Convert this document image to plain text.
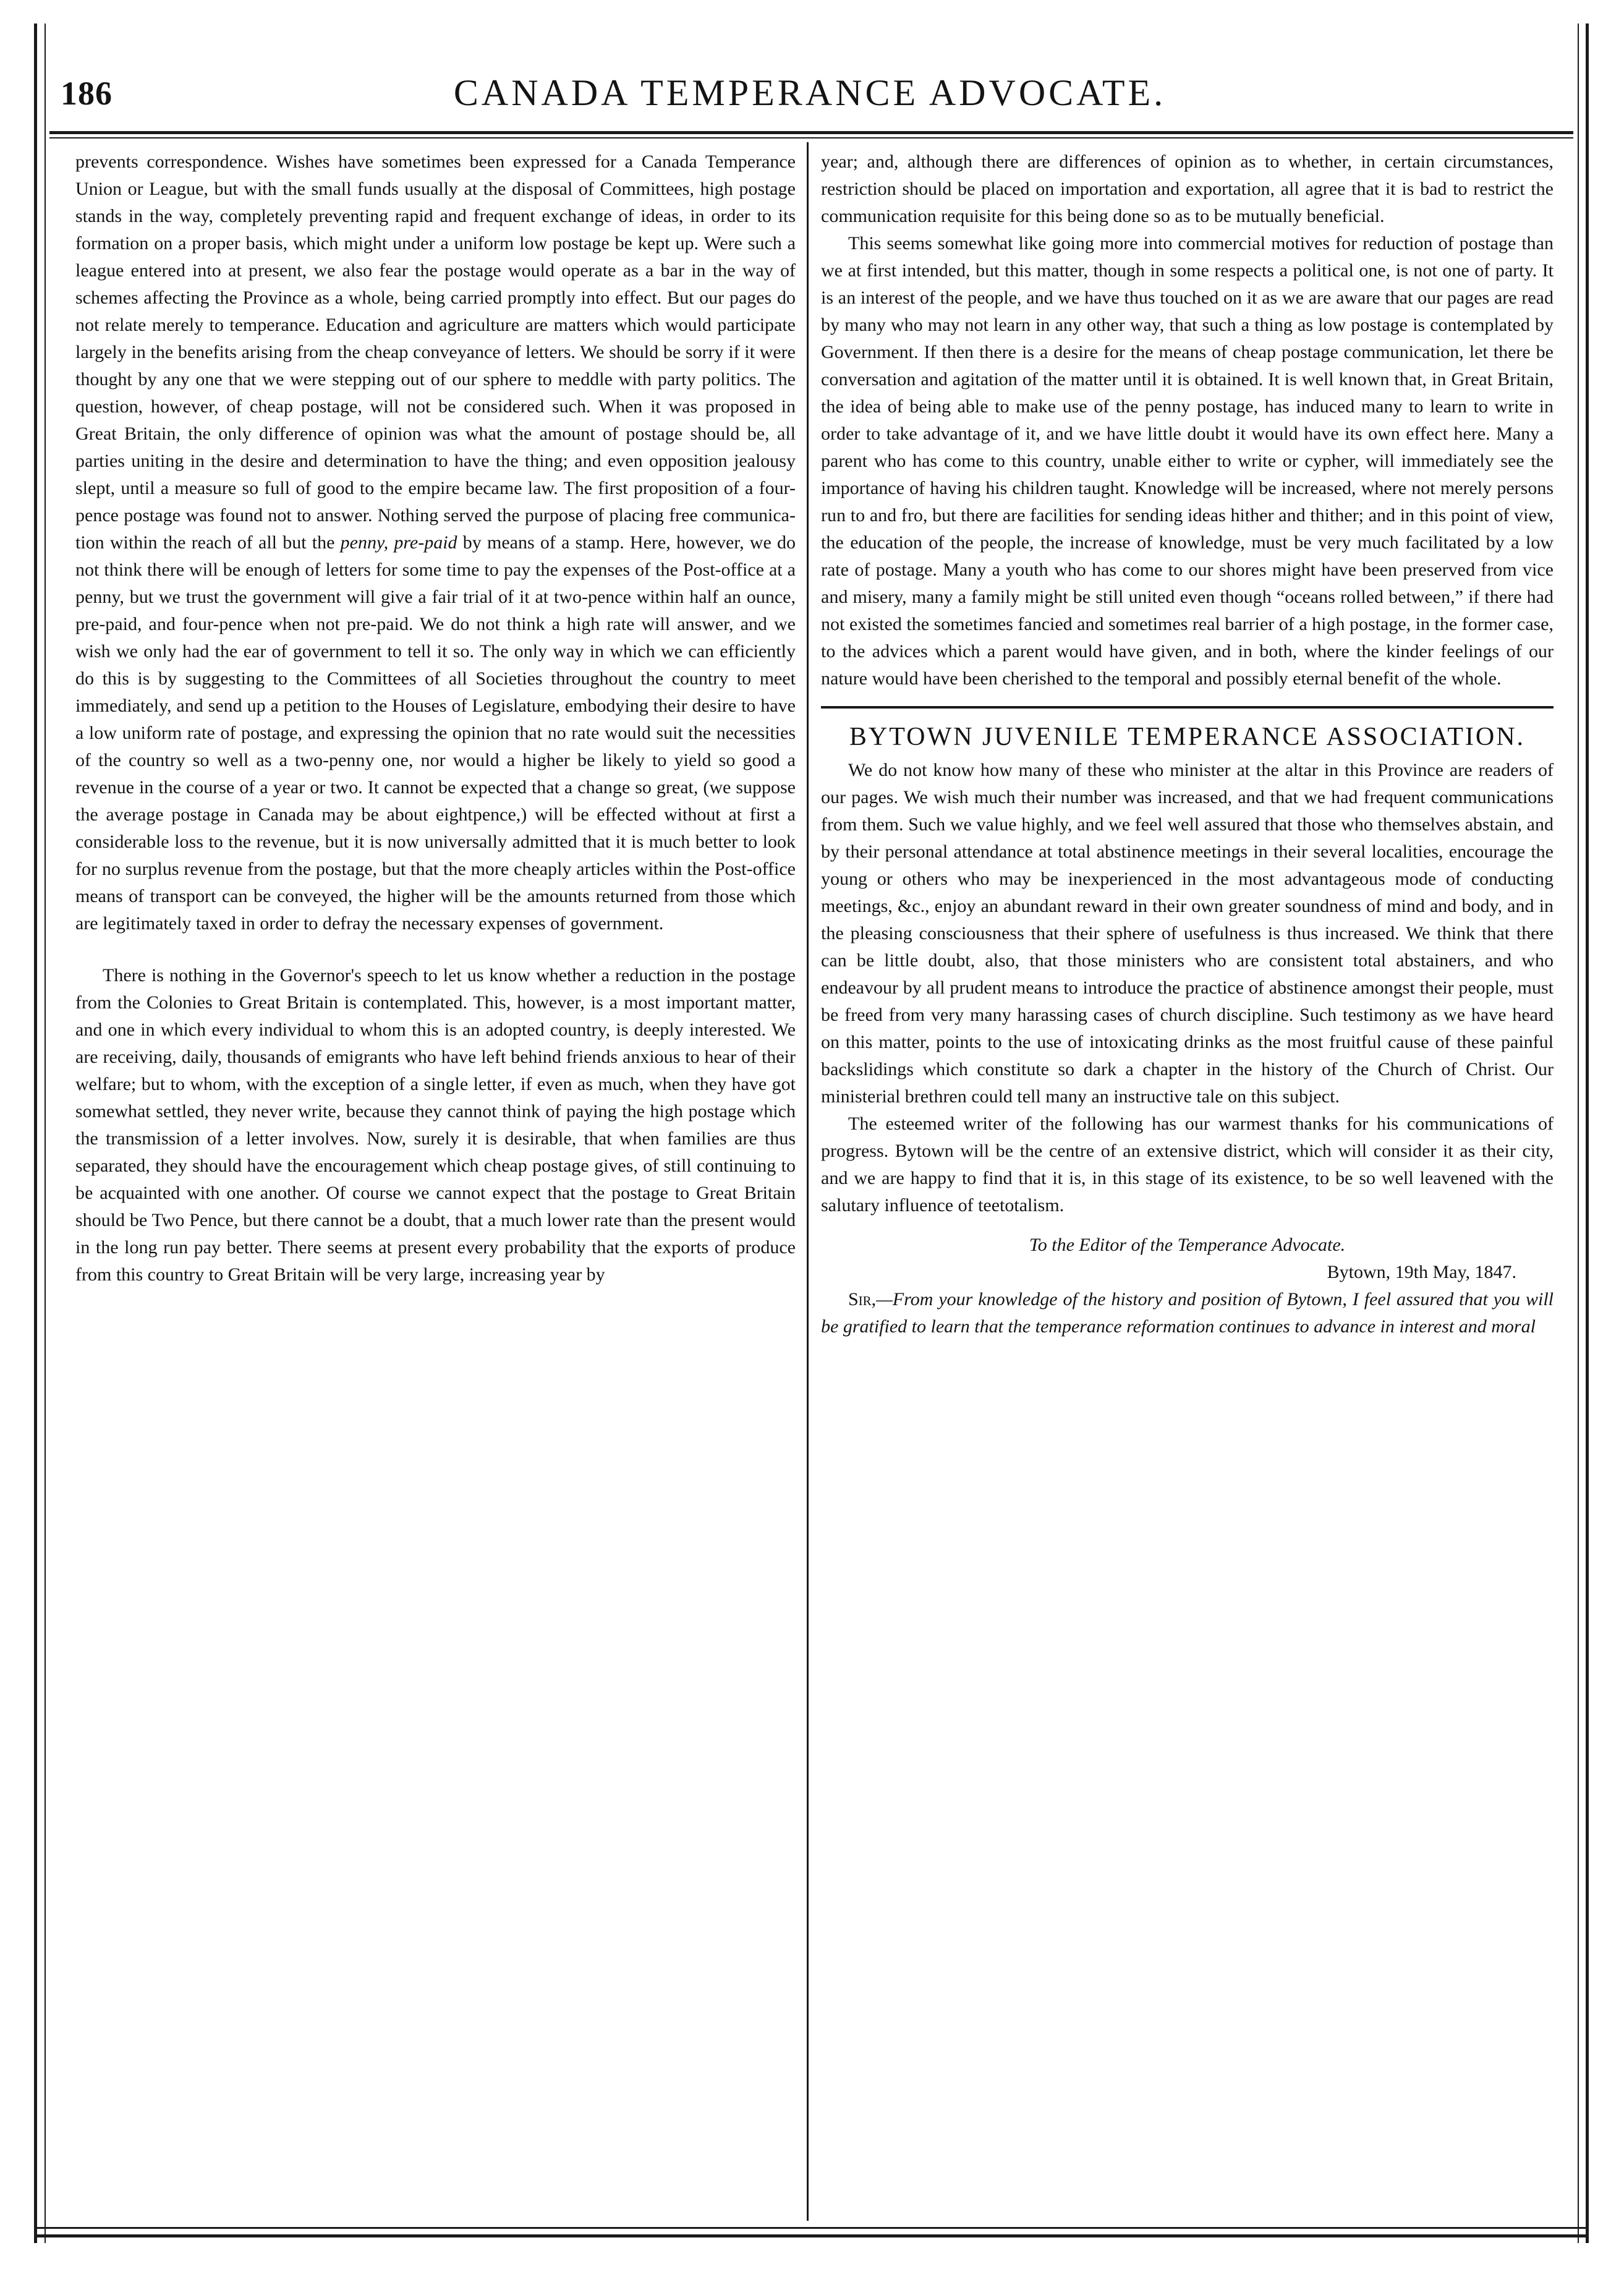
186	CANADA TEMPERANCE ADVOCATE.

prevents correspondence. Wishes have sometimes been expressed for a Canada Temperance Union or League, but with the small funds usually at the disposal of Committees, high postage stands in the way, completely preventing rapid and frequent exchange of ideas, in order to its formation on a proper basis, which might under a uniform low postage be kept up. Were such a league entered into at present, we also fear the postage would operate as a bar in the way of schemes affecting the Province as a whole, being carried promptly into effect. But our pages do not relate merely to temperance. Education and agriculture are matters which would participate largely in the benefits arising from the cheap conveyance of letters. We should be sorry if it were thought by any one that we were stepping out of our sphere to meddle with party politics. The question, however, of cheap postage, will not be considered such. When it was proposed in Great Britain, the only difference of opinion was what the amount of postage should be, all parties uniting in the desire and determination to have the thing; and even opposition jealousy slept, until a measure so full of good to the empire became law. The first proposition of a four-pence postage was found not to answer. Nothing served the purpose of placing free communica- tion within the reach of all but the penny, pre-paid by means of a stamp. Here, however, we do not think there will be enough of letters for some time to pay the expenses of the Post-office at a penny, but we trust the government will give a fair trial of it at two-pence within half an ounce, pre-paid, and four-pence when not pre-paid. We do not think a high rate will answer, and we wish we only had the ear of government to tell it so. The only way in which we can efficiently do this is by suggesting to the Committees of all Societies throughout the country to meet immediately, and send up a petition to the Houses of Legislature, embodying their desire to have a low uniform rate of postage, and expressing the opinion that no rate would suit the necessities of the country so well as a two-penny one, nor would a higher be likely to yield so good a revenue in the course of a year or two. It cannot be expected that a change so great, (we suppose the average postage in Canada may be about eightpence,) will be effected without at first a considerable loss to the revenue, but it is now universally admitted that it is much better to look for no surplus revenue from the postage, but that the more cheaply articles within the Post-office means of transport can be conveyed, the higher will be the amounts returned from those which are legitimately taxed in order to defray the necessary expenses of government.

There is nothing in the Governor's speech to let us know whether a reduction in the postage from the Colonies to Great Britain is contemplated. This, however, is a most important matter, and one in which every individual to whom this is an adopted country, is deeply interested. We are receiving, daily, thousands of emigrants who have left behind friends anxious to hear of their welfare; but to whom, with the exception of a single letter, if even as much, when they have got somewhat settled, they never write, because they cannot think of paying the high postage which the transmission of a letter involves. Now, surely it is desirable, that when families are thus separated, they should have the encouragement which cheap postage gives, of still continuing to be acquainted with one another. Of course we cannot expect that the postage to Great Britain should be Two Pence, but there cannot be a doubt, that a much lower rate than the present would in the long run pay better. There seems at present every probability that the exports of produce from this country to Great Britain will be very large, increasing year by

year; and, although there are differences of opinion as to whether, in certain circumstances, restriction should be placed on importation and exportation, all agree that it is bad to restrict the communication requisite for this being done so as to be mutually beneficial.

This seems somewhat like going more into commercial motives for reduction of postage than we at first intended, but this matter, though in some respects a political one, is not one of party. It is an interest of the people, and we have thus touched on it as we are aware that our pages are read by many who may not learn in any other way, that such a thing as low postage is contemplated by Government. If then there is a desire for the means of cheap postage communication, let there be conversation and agitation of the matter until it is obtained. It is well known that, in Great Britain, the idea of being able to make use of the penny postage, has induced many to learn to write in order to take advantage of it, and we have little doubt it would have its own effect here. Many a parent who has come to this country, unable either to write or cypher, will immediately see the importance of having his children taught. Knowledge will be increased, where not merely persons run to and fro, but there are facilities for sending ideas hither and thither; and in this point of view, the education of the people, the increase of knowledge, must be very much facilitated by a low rate of postage. Many a youth who has come to our shores might have been preserved from vice and misery, many a family might be still united even though “oceans rolled between,” if there had not existed the sometimes fancied and sometimes real barrier of a high postage, in the former case, to the advices which a parent would have given, and in both, where the kinder feelings of our nature would have been cherished to the temporal and possibly eternal benefit of the whole.

BYTOWN JUVENILE TEMPERANCE ASSOCIATION.

We do not know how many of these who minister at the altar in this Province are readers of our pages. We wish much their number was increased, and that we had frequent communications from them. Such we value highly, and we feel well assured that those who themselves abstain, and by their personal attendance at total abstinence meetings in their several localities, encourage the young or others who may be inexperienced in the most advantageous mode of conducting meetings, &c., enjoy an abundant reward in their own greater soundness of mind and body, and in the pleasing consciousness that their sphere of usefulness is thus increased. We think that there can be little doubt, also, that those ministers who are consistent total abstainers, and who endeavour by all prudent means to introduce the practice of abstinence amongst their people, must be freed from very many harassing cases of church discipline. Such testimony as we have heard on this matter, points to the use of intoxicating drinks as the most fruitful cause of these painful backslidings which constitute so dark a chapter in the history of the Church of Christ. Our ministerial brethren could tell many an instructive tale on this subject.

The esteemed writer of the following has our warmest thanks for his communications of progress. Bytown will be the centre of an extensive district, which will consider it as their city, and we are happy to find that it is, in this stage of its existence, to be so well leavened with the salutary influence of teetotalism.

To the Editor of the Temperance Advocate.

Bytown, 19th May, 1847.

Sir,—From your knowledge of the history and position of Bytown, I feel assured that you will be gratified to learn that the temperance reformation continues to advance in interest and moral
